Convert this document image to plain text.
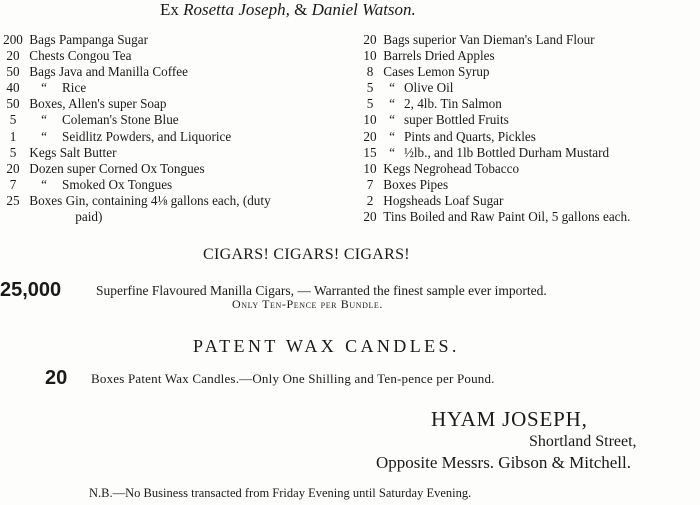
Ex Rosetta Joseph, & Daniel Watson.
200 Bags Pampanga Sugar
20 Chests Congou Tea
50 Bags Java and Manilla Coffee
40	“ Rice
50 Boxes, Allen's super Soap
5	“ Coleman's Stone Blue
1	“ Seidlitz Powders, and Liquorice
5 Kegs Salt Butter
20 Dozen super Corned Ox Tongues
7	“ Smoked Ox Tongues
25 Boxes Gin, containing 4⅛ gallons each, (duty
paid)
20 Bags superior Van Dieman's Land Flour
10 Barrels Dried Apples
8 Cases Lemon Syrup
5	“ Olive Oil
5	“ 2, 4lb. Tin Salmon
10 “ super Bottled Fruits
20 “ Pints and Quarts, Pickles
15 “ ½lb., and 1lb Bottled Durham Mustard
10 Kegs Negrohead Tobacco
7 Boxes Pipes
2 Hogsheads Loaf Sugar
20 Tins Boiled and Raw Paint Oil, 5 gallons each.
CIGARS! CIGARS! CIGARS!
25,000	Superfine Flavoured Manilla Cigars, — Warranted the finest sample ever imported.
Only Ten-Pence per Bundle.
PATENT WAX CANDLES.
20 Boxes Patent Wax Candles.—Only One Shilling and Ten-pence per Pound.
HYAM JOSEPH,
Shortland Street,
Opposite Messrs. Gibson & Mitchell.
N.B.—No Business transacted from Friday Evening until Saturday Evening.
